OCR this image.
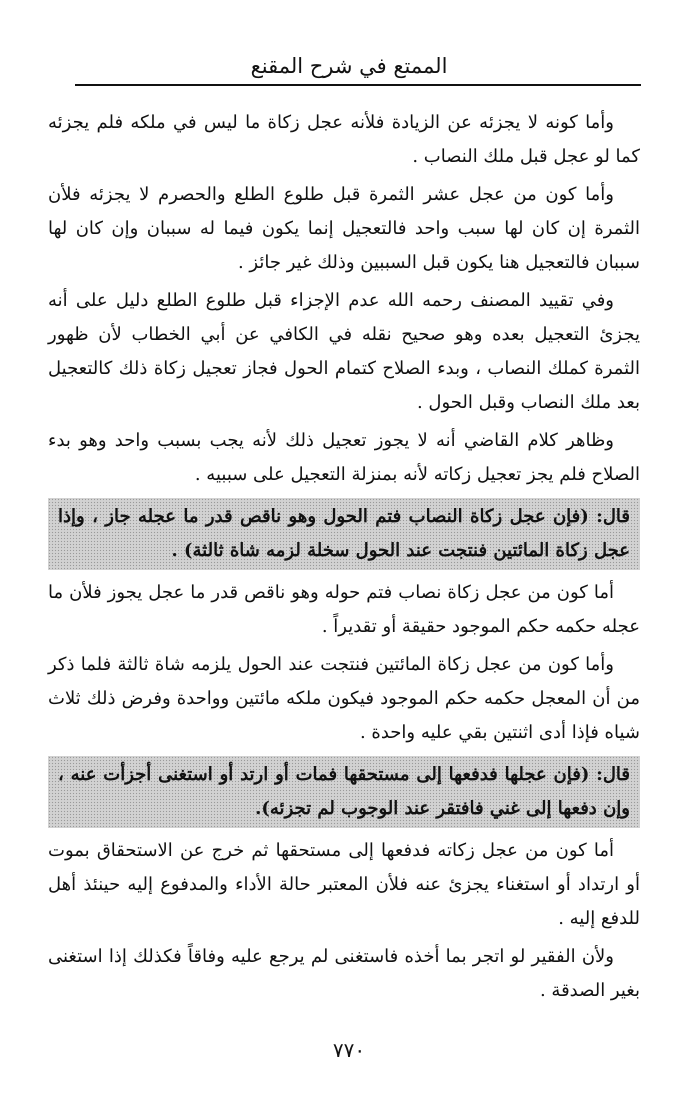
الممتع في شرح المقنع

وأما كونه لا يجزئه عن الزيادة فلأنه عجل زكاة ما ليس في ملكه فلم يجزئه كما لو عجل قبل ملك النصاب .

وأما كون من عجل عشر الثمرة قبل طلوع الطلع والحصرم لا يجزئه فلأن الثمرة إن كان لها سبب واحد فالتعجيل إنما يكون فيما له سببان وإن كان لها سببان فالتعجيل هنا يكون قبل السببين وذلك غير جائز .

وفي تقييد المصنف رحمه الله عدم الإجزاء قبل طلوع الطلع دليل على أنه يجزئ التعجيل بعده وهو صحيح نقله في الكافي عن أبي الخطاب لأن ظهور الثمرة كملك النصاب ، وبدء الصلاح كتمام الحول فجاز تعجيل زكاة ذلك كالتعجيل بعد ملك النصاب وقبل الحول .

وظاهر كلام القاضي أنه لا يجوز تعجيل ذلك لأنه يجب بسبب واحد وهو بدء الصلاح فلم يجز تعجيل زكاته لأنه بمنزلة التعجيل على سببيه .

قال: (فإن عجل زكاة النصاب فتم الحول وهو ناقص قدر ما عجله جاز ، وإذا عجل زكاة المائتين فنتجت عند الحول سخلة لزمه شاة ثالثة) .

أما كون من عجل زكاة نصاب فتم حوله وهو ناقص قدر ما عجل يجوز فلأن ما عجله حكمه حكم الموجود حقيقة أو تقديراً .

وأما كون من عجل زكاة المائتين فنتجت عند الحول يلزمه شاة ثالثة فلما ذكر من أن المعجل حكمه حكم الموجود فيكون ملكه مائتين وواحدة وفرض ذلك ثلاث شياه فإذا أدى اثنتين بقي عليه واحدة .

قال: (فإن عجلها فدفعها إلى مستحقها فمات أو ارتد أو استغنى أجزأت عنه ، وإن دفعها إلى غني فافتقر عند الوجوب لم تجزئه).

أما كون من عجل زكاته فدفعها إلى مستحقها ثم خرج عن الاستحقاق بموت أو ارتداد أو استغناء يجزئ عنه فلأن المعتبر حالة الأداء والمدفوع إليه حينئذ أهل للدفع إليه .

ولأن الفقير لو اتجر بما أخذه فاستغنى لم يرجع عليه وفاقاً فكذلك إذا استغنى بغير الصدقة .

٧٧٠
